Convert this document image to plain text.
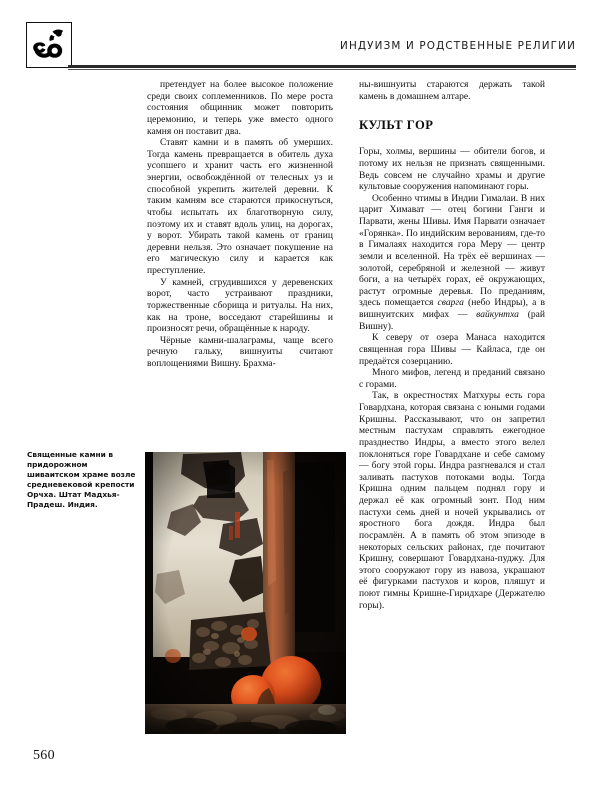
ИНДУИЗМ И РОДСТВЕННЫЕ РЕЛИГИИ

претендует на более высокое положение среди своих соплеменников. По мере роста состояния общинник может повторить церемонию, и теперь уже вместо одного камня он поставит два.

Ставят камни и в память об умерших. Тогда камень превращается в обитель духа усопшего и хранит часть его жизненной энергии, освобождённой от телесных уз и способной укрепить жителей деревни. К таким камням все стараются прикоснуться, чтобы испытать их благотворную силу, поэтому их и ставят вдоль улиц, на дорогах, у ворот. Убирать такой камень от границ деревни нельзя. Это означает покушение на его магическую силу и карается как преступление.

У камней, сгрудившихся у деревенских ворот, часто устраивают праздники, торжественные сборища и ритуалы. На них, как на троне, восседают старейшины и произносят речи, обращённые к народу.

Чёрные камни-шалаграмы, чаще всего речную гальку, вишнуиты считают воплощениями Вишну. Брахма-

ны-вишнуиты стараются держать такой камень в домашнем алтаре.

КУЛЬТ ГОР

Горы, холмы, вершины — обители богов, и потому их нельзя не признать священными. Ведь совсем не случайно храмы и другие культовые сооружения напоминают горы.

Особенно чтимы в Индии Гималаи. В них царит Химават — отец богини Ганги и Парвати, жены Шивы. Имя Парвати означает «Горянка». По индийским верованиям, где-то в Гималаях находится гора Меру — центр земли и вселенной. На трёх её вершинах — золотой, серебряной и железной — живут боги, а на четырёх горах, её окружающих, растут огромные деревья. По преданиям, здесь помещается сварга (небо Индры), а в вишнуитских мифах — вайкунтха (рай Вишну).

К северу от озера Манаса находится священная гора Шивы — Кайласа, где он предаётся созерцанию.

Много мифов, легенд и преданий связано с горами.

Так, в окрестностях Матхуры есть гора Говардхана, которая связана с юными годами Кришны. Рассказывают, что он запретил местным пастухам справлять ежегодное празднество Индры, а вместо этого велел поклоняться горе Говардхане и себе самому — богу этой горы. Индра разгневался и стал заливать пастухов потоками воды. Тогда Кришна одним пальцем поднял гору и держал её как огромный зонт. Под ним пастухи семь дней и ночей укрывались от яростного бога дождя. Индра был посрамлён. А в память об этом эпизоде в некоторых сельских районах, где почитают Кришну, совершают Говардхана-пуджу. Для этого сооружают гору из навоза, украшают её фигурками пастухов и коров, пляшут и поют гимны Кришне-Гиридхаре (Держателю горы).

Священные камни в придорожном шиваитском храме возле средневековой крепости Орчха. Штат Мадхья-Прадеш. Индия.
560
